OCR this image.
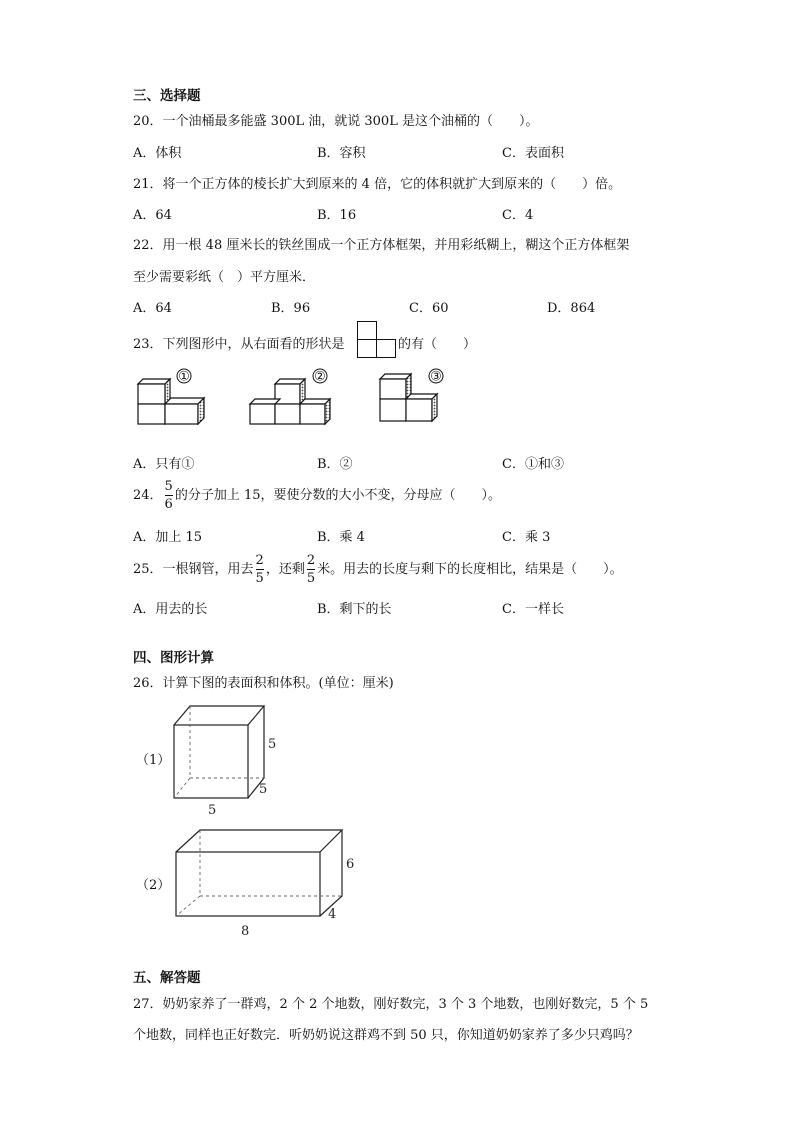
三、选择题
20．一个油桶最多能盛 300L 油，就说 300L 是这个油桶的（　　）。
A．体积	B．容积	C．表面积
21．将一个正方体的棱长扩大到原来的 4 倍，它的体积就扩大到原来的（　　）倍。
A．64	B．16	C．4
22．用一根 48 厘米长的铁丝围成一个正方体框架，并用彩纸糊上，糊这个正方体框架
至少需要彩纸（　）平方厘米．
A．64	B．96	C．60	D．864
23．下列图形中，从右面看的形状是	的有（　　）
①	②	③
A．只有①	B．②	C．①和③
24． $\frac{5}{6}$ 的分子加上 15，要使分数的大小不变，分母应（　　）。
A．加上 15	B．乘 4	C．乘 3
25．一根钢管，用去 $\frac{2}{5}$ ，还剩 $\frac{2}{5}$ 米。用去的长度与剩下的长度相比，结果是（　　）。
A．用去的长	B．剩下的长	C．一样长
四、图形计算
26．计算下图的表面积和体积。(单位：厘米)
（1）
5
5
5
（2）
6
4
8
五、解答题
27．奶奶家养了一群鸡，2 个 2 个地数，刚好数完，3 个 3 个地数，也刚好数完，5 个 5
个地数，同样也正好数完．听奶奶说这群鸡不到 50 只，你知道奶奶家养了多少只鸡吗？
